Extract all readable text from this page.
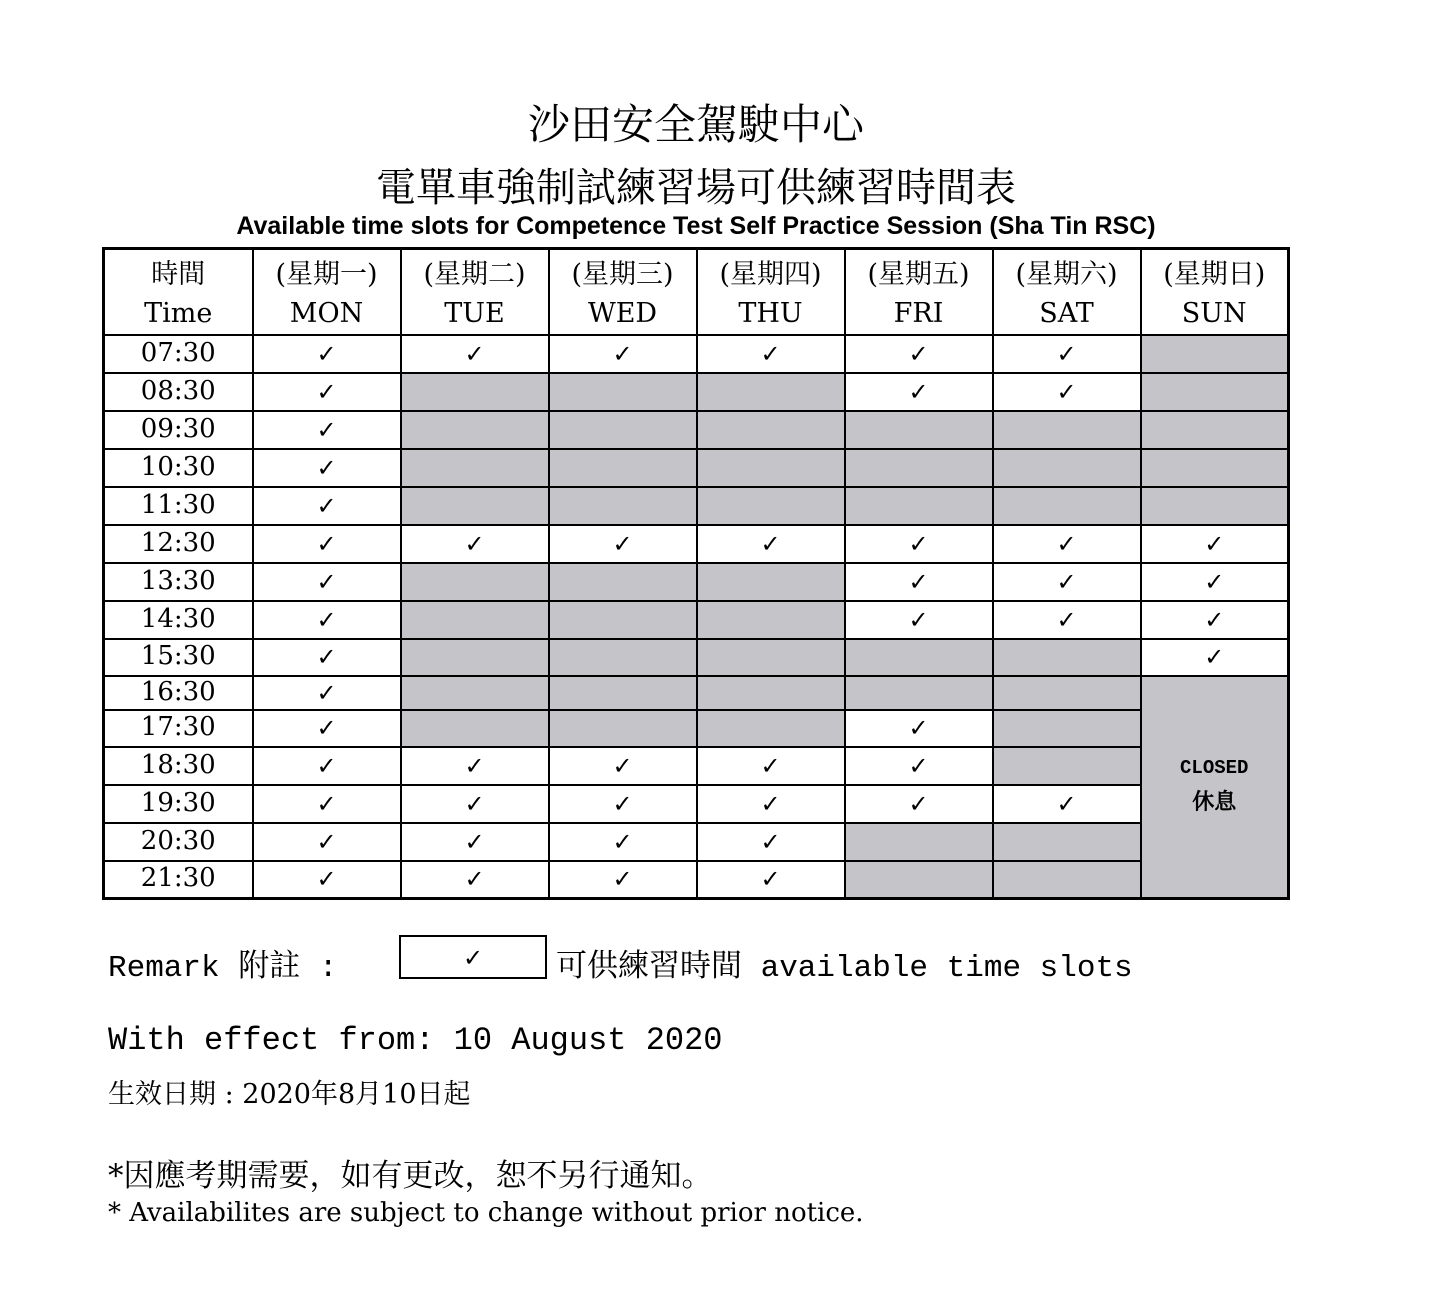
沙田安全駕駛中心
電單車強制試練習場可供練習時間表
Available time slots for Competence Test Self Practice Session (Sha Tin RSC)
時間	(星期一)	(星期二)	(星期三)	(星期四)	(星期五)	(星期六)	(星期日)
Time	MON	TUE	WED	THU	FRI	SAT	SUN
07:30	✓	✓	✓	✓	✓	✓	
08:30	✓				✓	✓	
09:30	✓						
10:30	✓						
11:30	✓						
12:30	✓	✓	✓	✓	✓	✓	✓
13:30	✓				✓	✓	✓
14:30	✓				✓	✓	✓
15:30	✓						✓
16:30	✓						CLOSED
休息

17:30	✓				✓		
18:30	✓	✓	✓	✓	✓		
19:30	✓	✓	✓	✓	✓	✓	
20:30	✓	✓	✓	✓			
21:30	✓	✓	✓	✓			
Remark 附註 :	✓	可供練習時間 available time slots
With effect from: 10 August 2020
生效日期 : 2020年8月10日起
*因應考期需要，如有更改，恕不另行通知。
* Availabilites are subject to change without prior notice.
